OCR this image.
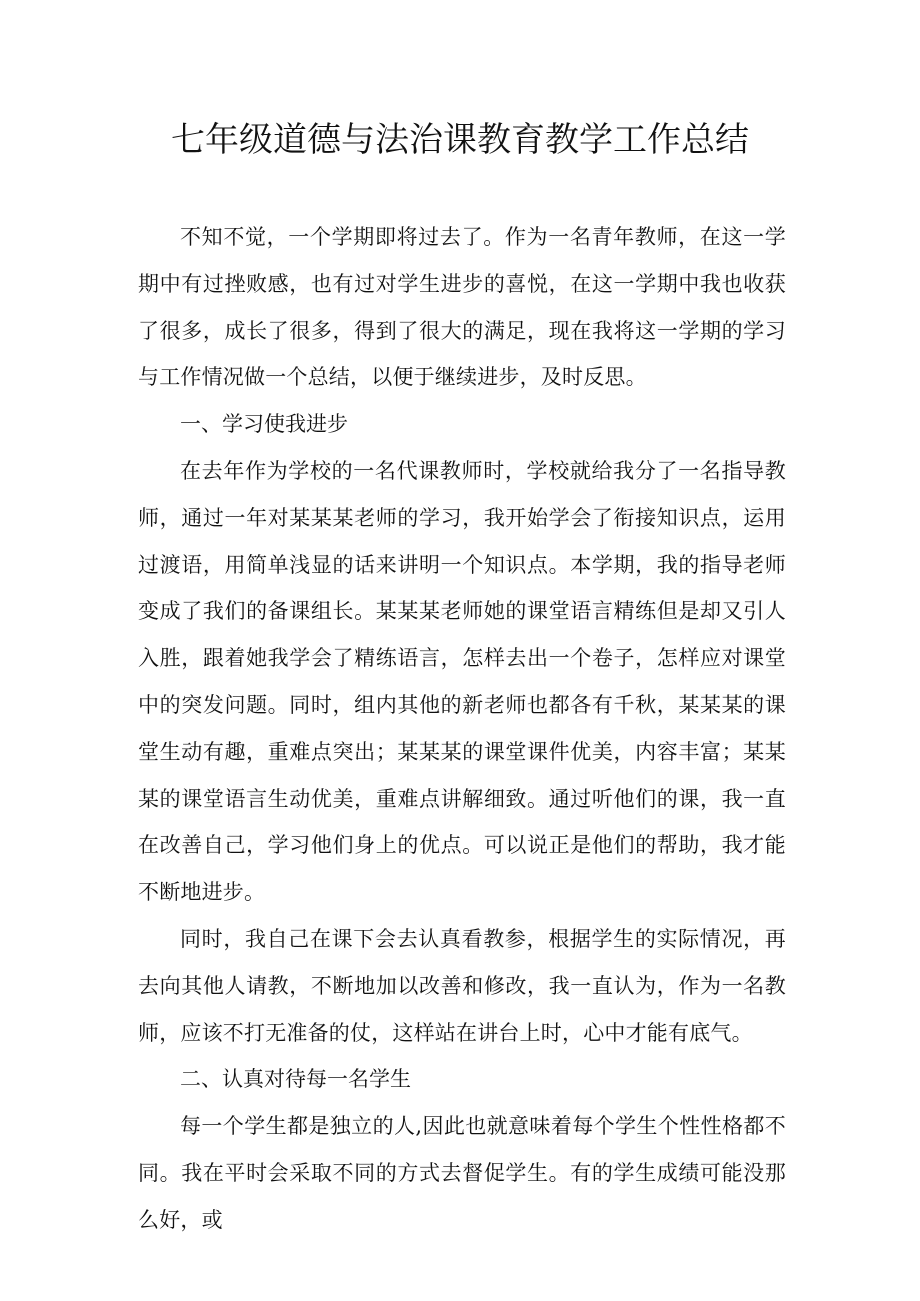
七年级道德与法治课教育教学工作总结

不知不觉，一个学期即将过去了。作为一名青年教师，在这一学期中有过挫败感，也有过对学生进步的喜悦，在这一学期中我也收获了很多，成长了很多，得到了很大的满足，现在我将这一学期的学习与工作情况做一个总结，以便于继续进步，及时反思。

一、学习使我进步

在去年作为学校的一名代课教师时，学校就给我分了一名指导教师，通过一年对某某某老师的学习，我开始学会了衔接知识点，运用过渡语，用简单浅显的话来讲明一个知识点。本学期，我的指导老师变成了我们的备课组长。某某某老师她的课堂语言精练但是却又引人入胜，跟着她我学会了精练语言，怎样去出一个卷子，怎样应对课堂中的突发问题。同时，组内其他的新老师也都各有千秋，某某某的课堂生动有趣，重难点突出；某某某的课堂课件优美，内容丰富；某某某的课堂语言生动优美，重难点讲解细致。通过听他们的课，我一直在改善自己，学习他们身上的优点。可以说正是他们的帮助，我才能不断地进步。

同时，我自己在课下会去认真看教参，根据学生的实际情况，再去向其他人请教，不断地加以改善和修改，我一直认为，作为一名教师，应该不打无准备的仗，这样站在讲台上时，心中才能有底气。

二、认真对待每一名学生

每一个学生都是独立的人,因此也就意味着每个学生个性性格都不同。我在平时会采取不同的方式去督促学生。有的学生成绩可能没那么好，或
